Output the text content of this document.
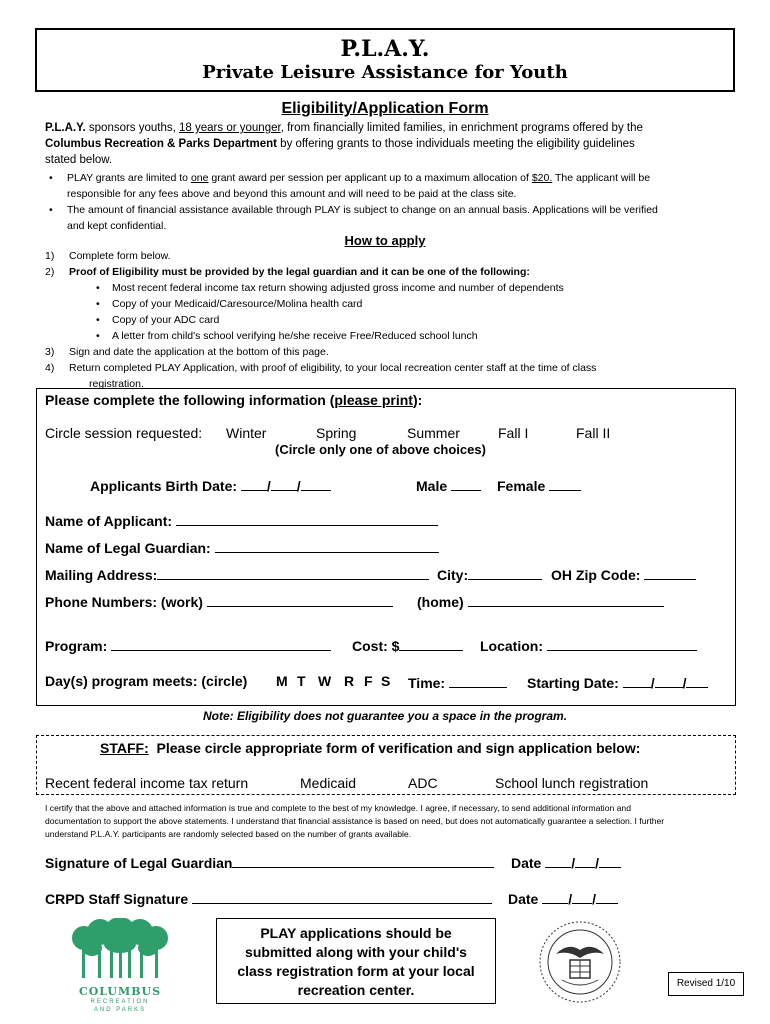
P.L.A.Y.
Private Leisure Assistance for Youth
Eligibility/Application Form
P.L.A.Y. sponsors youths, 18 years or younger, from financially limited families, in enrichment programs offered by the
Columbus Recreation & Parks Department by offering grants to those individuals meeting the eligibility guidelines
stated below.
• PLAY grants are limited to one grant award per session per applicant up to a maximum allocation of $20. The applicant will be
responsible for any fees above and beyond this amount and will need to be paid at the class site.
• The amount of financial assistance available through PLAY is subject to change on an annual basis. Applications will be verified
and kept confidential.
How to apply
1) Complete form below.
2) Proof of Eligibility must be provided by the legal guardian and it can be one of the following:
• Most recent federal income tax return showing adjusted gross income and number of dependents
• Copy of your Medicaid/Caresource/Molina health card
• Copy of your ADC card
• A letter from child's school verifying he/she receive Free/Reduced school lunch
3) Sign and date the application at the bottom of this page.
4) Return completed PLAY Application, with proof of eligibility, to your local recreation center staff at the time of class
registration.
Please complete the following information (please print):
Circle session requested: Winter	Spring	Summer	Fall I	Fall II
(Circle only one of above choices)
Applicants Birth Date: / /	Male	Female
Name of Applicant:
Name of Legal Guardian:
Mailing Address:	City:	OH Zip Code:
Phone Numbers: (work)	(home)
Program:	Cost: $	Location:
Day(s) program meets: (circle) M T W R F S Time:	Starting Date: / /
Note: Eligibility does not guarantee you a space in the program.
STAFF: Please circle appropriate form of verification and sign application below:
Recent federal income tax return	Medicaid	ADC	School lunch registration
I certify that the above and attached information is true and complete to the best of my knowledge. I agree, if necessary, to send additional information and
documentation to support the above statements. I understand that financial assistance is based on need, but does not automatically guarantee a selection. I further
understand P.L.A.Y. participants are randomly selected based on the number of grants available.
Signature of Legal Guardian	Date / /
CRPD Staff Signature	Date / /
COLUMBUS
RECREATION
AND PARKS
PLAY applications should be
submitted along with your child's
class registration form at your local
recreation center.	Revised 1/10
